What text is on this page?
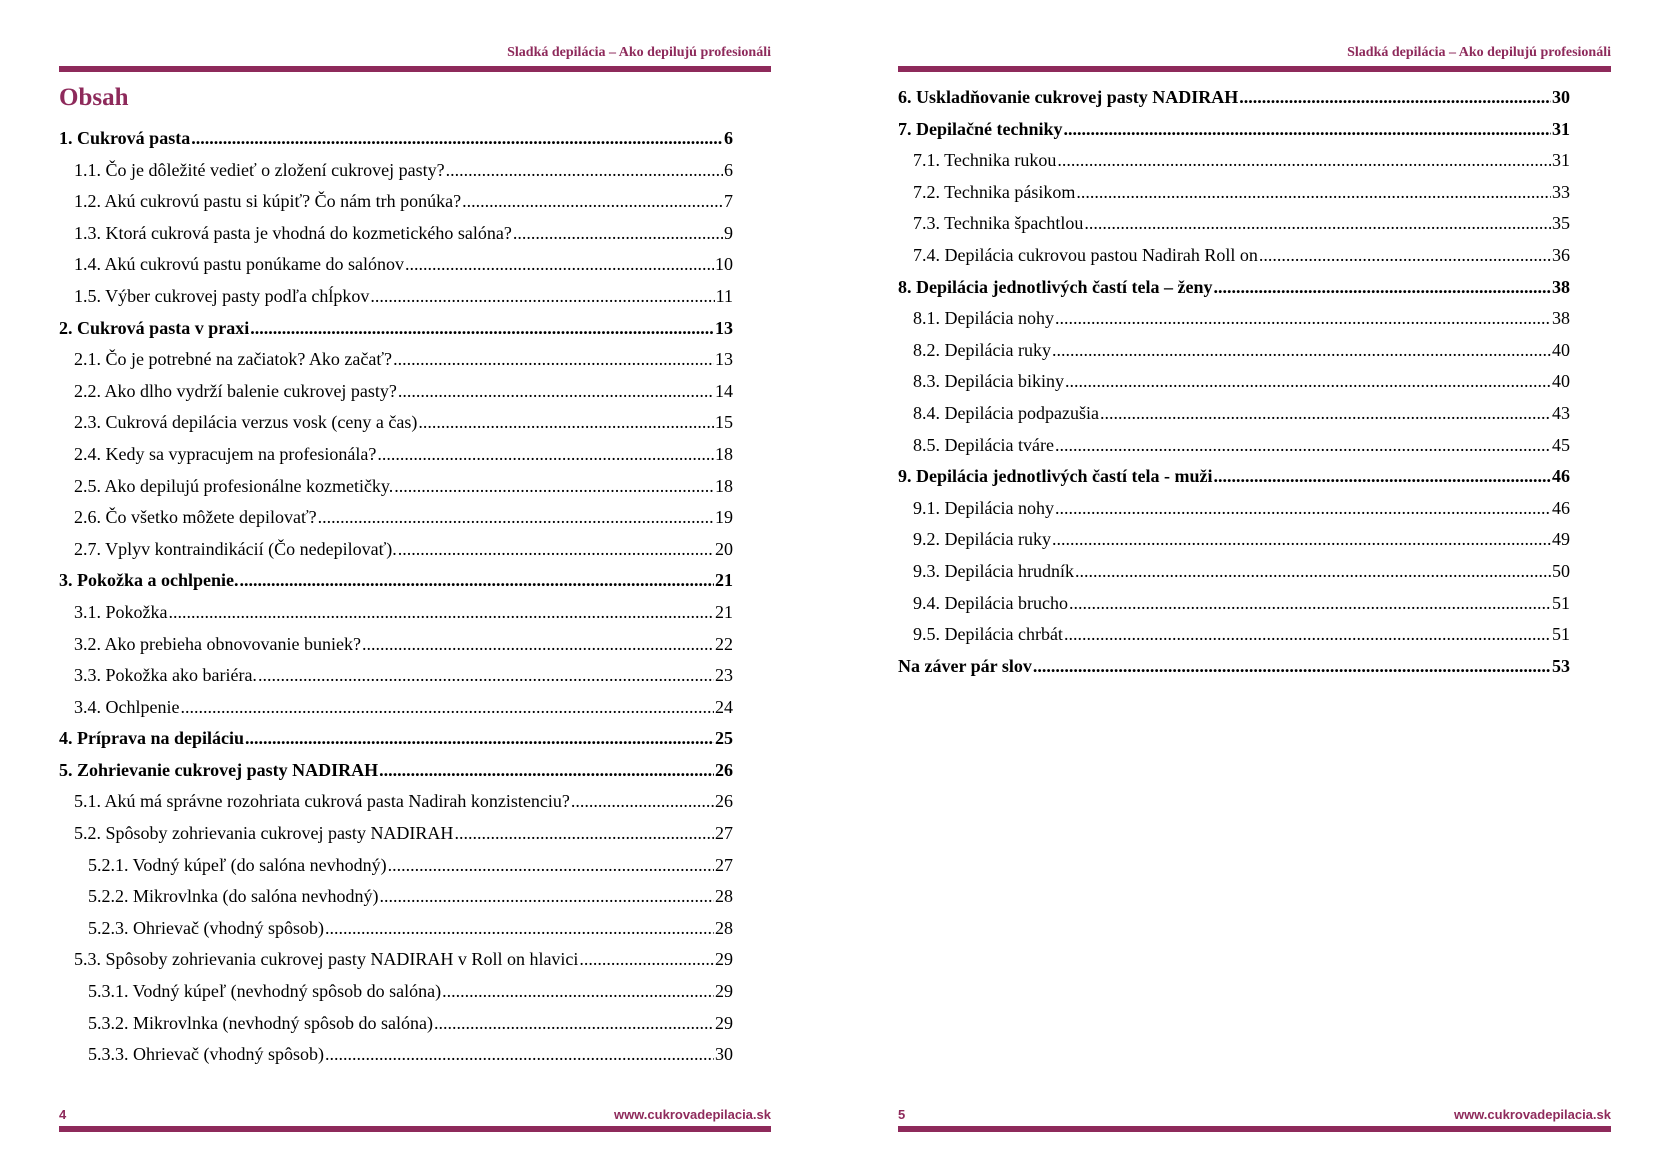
Sladká depilácia – Ako depilujú profesionáli
Obsah
1. Cukrová pasta .....	6
1.1. Čo je dôležité vedieť o zložení cukrovej pasty? .....	6
1.2. Akú cukrovú pastu si kúpiť? Čo nám trh ponúka? .....	7
1.3. Ktorá cukrová pasta je vhodná do kozmetického salóna? .....	9
1.4. Akú cukrovú pastu ponúkame do salónov .....	10
1.5. Výber cukrovej pasty podľa chĺpkov .....	11
2. Cukrová pasta v praxi .....	13
2.1. Čo je potrebné na začiatok? Ako začať? .....	13
2.2. Ako dlho vydrží balenie cukrovej pasty? .....	14
2.3. Cukrová depilácia verzus vosk (ceny a čas) .....	15
2.4. Kedy sa vypracujem na profesionála? .....	18
2.5. Ako depilujú profesionálne kozmetičky. .....	18
2.6. Čo všetko môžete depilovať? .....	19
2.7. Vplyv kontraindikácií (Čo nedepilovať). .....	20
3. Pokožka a ochlpenie. .....	21
3.1. Pokožka .....	21
3.2. Ako prebieha obnovovanie buniek? .....	22
3.3. Pokožka ako bariéra. .....	23
3.4. Ochlpenie .....	24
4. Príprava na depiláciu .....	25
5. Zohrievanie cukrovej pasty NADIRAH .....	26
5.1. Akú má správne rozohriata cukrová pasta Nadirah konzistenciu? .....	26
5.2. Spôsoby zohrievania cukrovej pasty NADIRAH .....	27
5.2.1. Vodný kúpeľ (do salóna nevhodný) .....	27
5.2.2. Mikrovlnka (do salóna nevhodný) .....	28
5.2.3. Ohrievač (vhodný spôsob) .....	28
5.3. Spôsoby zohrievania cukrovej pasty NADIRAH v Roll on hlavici .....	29
5.3.1. Vodný kúpeľ (nevhodný spôsob do salóna) .....	29
5.3.2. Mikrovlnka (nevhodný spôsob do salóna) .....	29
5.3.3. Ohrievač (vhodný spôsob) .....	30
4	www.cukrovadepilacia.sk
Sladká depilácia – Ako depilujú profesionáli
6. Uskladňovanie cukrovej pasty NADIRAH .....	30
7. Depilačné techniky .....	31
7.1. Technika rukou .....	31
7.2. Technika pásikom .....	33
7.3. Technika špachtlou .....	35
7.4. Depilácia cukrovou pastou Nadirah Roll on .....	36
8. Depilácia jednotlivých častí tela – ženy .....	38
8.1. Depilácia nohy .....	38
8.2. Depilácia ruky .....	40
8.3. Depilácia bikiny .....	40
8.4. Depilácia podpazušia .....	43
8.5. Depilácia tváre .....	45
9. Depilácia jednotlivých častí tela - muži .....	46
9.1. Depilácia nohy .....	46
9.2. Depilácia ruky .....	49
9.3. Depilácia hrudník .....	50
9.4. Depilácia brucho .....	51
9.5. Depilácia chrbát .....	51
Na záver pár slov .....	53
5	www.cukrovadepilacia.sk
